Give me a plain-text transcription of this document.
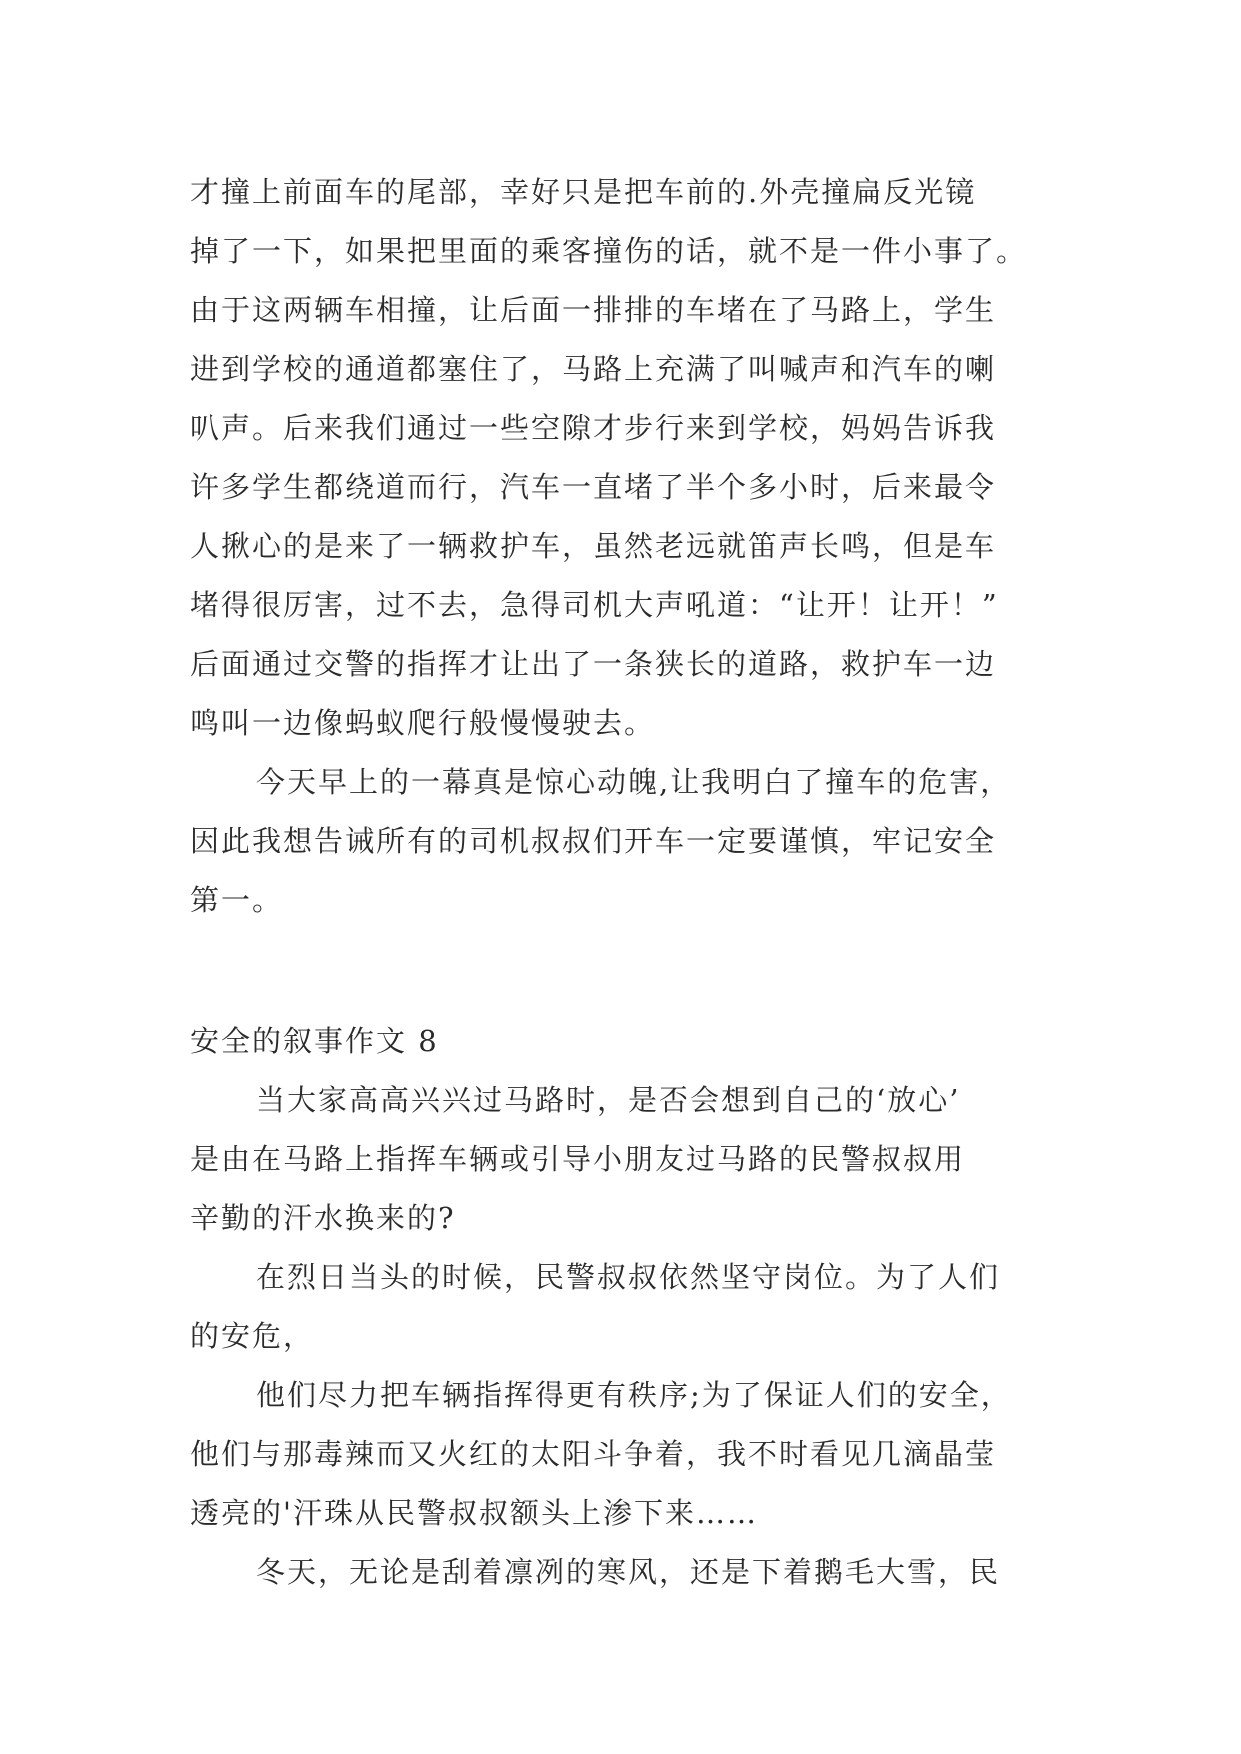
才撞上前面车的尾部，幸好只是把车前的.外壳撞扁反光镜
掉了一下，如果把里面的乘客撞伤的话，就不是一件小事了。
由于这两辆车相撞，让后面一排排的车堵在了马路上，学生
进到学校的通道都塞住了，马路上充满了叫喊声和汽车的喇
叭声。后来我们通过一些空隙才步行来到学校，妈妈告诉我
许多学生都绕道而行，汽车一直堵了半个多小时，后来最令
人揪心的是来了一辆救护车，虽然老远就笛声长鸣，但是车
堵得很厉害，过不去，急得司机大声吼道：“让开！让开！”
后面通过交警的指挥才让出了一条狭长的道路，救护车一边
鸣叫一边像蚂蚁爬行般慢慢驶去。
今天早上的一幕真是惊心动魄,让我明白了撞车的危害，
因此我想告诫所有的司机叔叔们开车一定要谨慎，牢记安全
第一。
安全的叙事作文 8
当大家高高兴兴过马路时，是否会想到自己的‘放心’
是由在马路上指挥车辆或引导小朋友过马路的民警叔叔用
辛勤的汗水换来的?
在烈日当头的时候，民警叔叔依然坚守岗位。为了人们
的安危，
他们尽力把车辆指挥得更有秩序;为了保证人们的安全，
他们与那毒辣而又火红的太阳斗争着，我不时看见几滴晶莹
透亮的'汗珠从民警叔叔额头上渗下来……
冬天，无论是刮着凛冽的寒风，还是下着鹅毛大雪，民
